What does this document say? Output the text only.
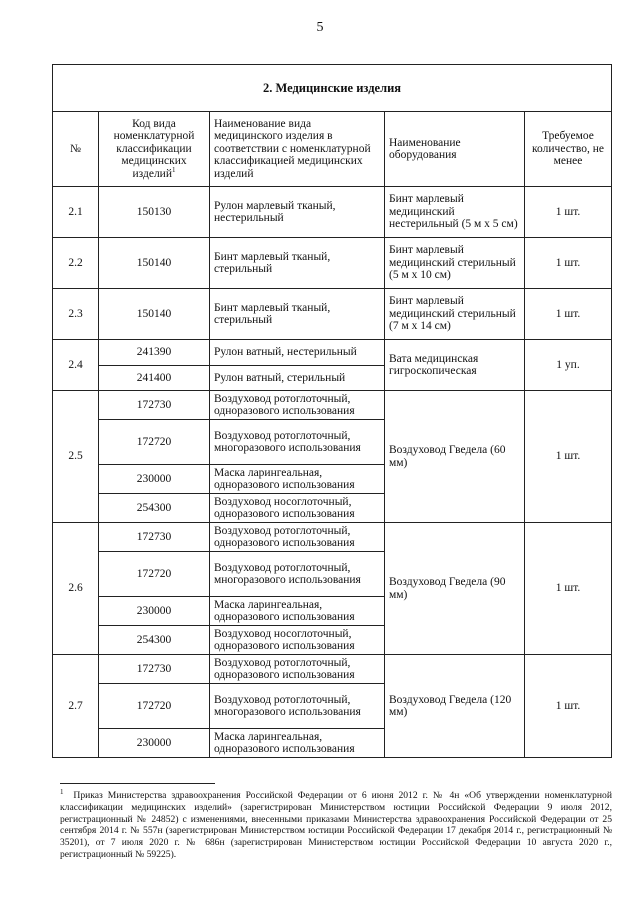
5
2. Медицинские изделия				
№	Код вида номенклатурной классификации медицинских изделий$^1$	Наименование вида медицинского изделия в соответствии с номенклатурной классификацией медицинских изделий	Наименование оборудования	Требуемое количество, не менее
2.1	150130	Рулон марлевый тканый, нестерильный	Бинт марлевый медицинский нестерильный (5 м x 5 см)	1 шт.
2.2	150140	Бинт марлевый тканый, стерильный	Бинт марлевый медицинский стерильный (5 м x 10 см)	1 шт.
2.3	150140	Бинт марлевый тканый, стерильный	Бинт марлевый медицинский стерильный (7 м x 14 см)	1 шт.
2.4	241390	Рулон ватный, нестерильный	Вата медицинская гигроскопическая	1 уп.
	241400	Рулон ватный, стерильный		
2.5	172730	Воздуховод ротоглоточный, одноразового использования	Воздуховод Гведела (60 мм)	1 шт.
	172720	Воздуховод ротоглоточный, многоразового использования		
	230000	Маска ларингеальная, одноразового использования		
	254300	Воздуховод носоглоточный, одноразового использования		
2.6	172730	Воздуховод ротоглоточный, одноразового использования	Воздуховод Гведела (90 мм)	1 шт.
	172720	Воздуховод ротоглоточный, многоразового использования		
	230000	Маска ларингеальная, одноразового использования		
	254300	Воздуховод носоглоточный, одноразового использования		
2.7	172730	Воздуховод ротоглоточный, одноразового использования	Воздуховод Гведела (120 мм)	1 шт.
	172720	Воздуховод ротоглоточный, многоразового использования		
	230000	Маска ларингеальная, одноразового использования		
$^1$ Приказ Министерства здравоохранения Российской Федерации от 6 июня 2012 г. № 4н «Об утверждении номенклатурной классификации медицинских изделий» (зарегистрирован Министерством юстиции Российской Федерации 9 июля 2012, регистрационный № 24852) с изменениями, внесенными приказами Министерства здравоохранения Российской Федерации от 25 сентября 2014 г. № 557н (зарегистрирован Министерством юстиции Российской Федерации 17 декабря 2014 г., регистрационный № 35201), от 7 июля 2020 г. № 686н (зарегистрирован Министерством юстиции Российской Федерации 10 августа 2020 г., регистрационный № 59225).
